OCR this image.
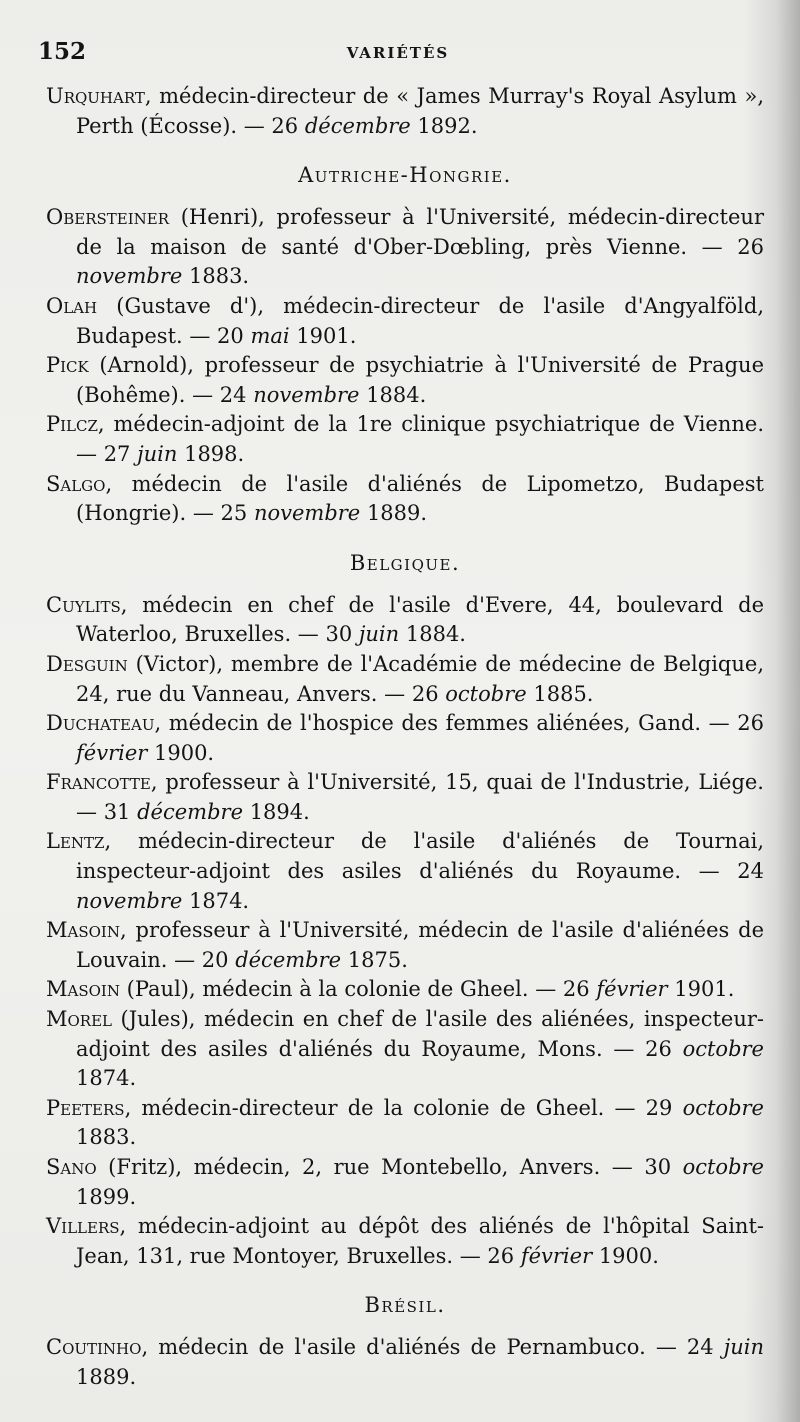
152	VARIÉTÉS

Urquhart, médecin-directeur de « James Murray's Royal Asylum », Perth (Écosse). — 26 décembre 1892.

Autriche-Hongrie.

Obersteiner (Henri), professeur à l'Université, médecin-directeur de la maison de santé d'Ober-Dœbling, près Vienne. — 26 novembre 1883.

Olah (Gustave d'), médecin-directeur de l'asile d'Angyalföld, Budapest. — 20 mai 1901.

Pick (Arnold), professeur de psychiatrie à l'Université de Prague (Bohême). — 24 novembre 1884.

Pilcz, médecin-adjoint de la 1re clinique psychiatrique de Vienne. — 27 juin 1898.

Salgo, médecin de l'asile d'aliénés de Lipometzo, Budapest (Hongrie). — 25 novembre 1889.

Belgique.

Cuylits, médecin en chef de l'asile d'Evere, 44, boulevard de Waterloo, Bruxelles. — 30 juin 1884.

Desguin (Victor), membre de l'Académie de médecine de Belgique, 24, rue du Vanneau, Anvers. — 26 octobre 1885.

Duchateau, médecin de l'hospice des femmes aliénées, Gand. — 26 février 1900.

Francotte, professeur à l'Université, 15, quai de l'Industrie, Liége. — 31 décembre 1894.

Lentz, médecin-directeur de l'asile d'aliénés de Tournai, inspecteur-adjoint des asiles d'aliénés du Royaume. — 24 novembre 1874.

Masoin, professeur à l'Université, médecin de l'asile d'aliénées de Louvain. — 20 décembre 1875.

Masoin (Paul), médecin à la colonie de Gheel. — 26 février 1901.

Morel (Jules), médecin en chef de l'asile des aliénées, inspecteur-adjoint des asiles d'aliénés du Royaume, Mons. — 26 octobre 1874.

Peeters, médecin-directeur de la colonie de Gheel. — 29 octobre 1883.

Sano (Fritz), médecin, 2, rue Montebello, Anvers. — 30 octobre 1899.

Villers, médecin-adjoint au dépôt des aliénés de l'hôpital Saint-Jean, 131, rue Montoyer, Bruxelles. — 26 février 1900.

Brésil.

Coutinho, médecin de l'asile d'aliénés de Pernambuco. — 24 juin 1889.
